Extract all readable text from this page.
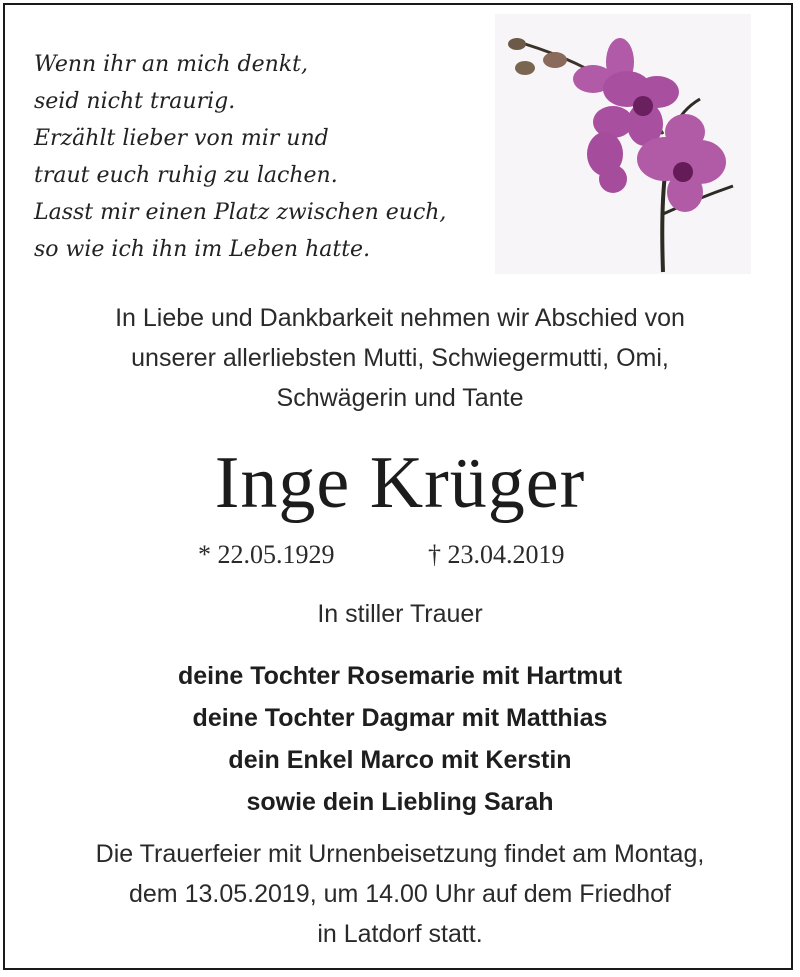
Wenn ihr an mich denkt,
seid nicht traurig.
Erzählt lieber von mir und
traut euch ruhig zu lachen.
Lasst mir einen Platz zwischen euch,
so wie ich ihn im Leben hatte.
In Liebe und Dankbarkeit nehmen wir Abschied von
unserer allerliebsten Mutti, Schwiegermutti, Omi,
Schwägerin und Tante
Inge Krüger
* 22.05.1929	† 23.04.2019
In stiller Trauer
deine Tochter Rosemarie mit Hartmut
deine Tochter Dagmar mit Matthias
dein Enkel Marco mit Kerstin
sowie dein Liebling Sarah
Die Trauerfeier mit Urnenbeisetzung findet am Montag,
dem 13.05.2019, um 14.00 Uhr auf dem Friedhof
in Latdorf statt.
